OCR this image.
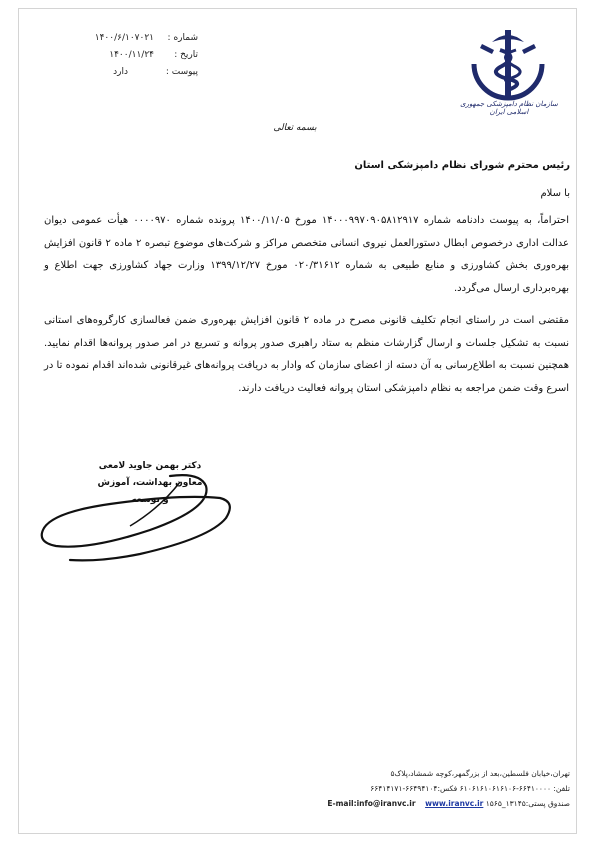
شماره :۱۴۰۰/۶/۱۰۷۰۲۱
تاریخ :۱۴۰۰/۱۱/۲۴
پیوست :دارد
سازمان نظام دامپزشکی جمهوری اسلامی ایران
بسمه تعالی
رئیس محترم شورای نظام دامپزشکی استان
با سلام
احتراماً، به پیوست دادنامه شماره ۱۴۰۰۰۹۹۷۰۹۰۵۸۱۲۹۱۷ مورخ ۱۴۰۰/۱۱/۰۵ پرونده شماره ۰۰۰۰۹۷۰ هیأت عمومی دیوان عدالت اداری درخصوص ابطال دستورالعمل نیروی انسانی متخصص مراکز و شرکت‌های موضوع تبصره ۲ ماده ۲ قانون افزایش بهره‌وری بخش کشاورزی و منابع طبیعی به شماره ۰۲۰/۳۱۶۱۲ مورخ ۱۳۹۹/۱۲/۲۷ وزارت جهاد کشاورزی جهت اطلاع و بهره‌برداری ارسال می‌گردد.
مقتضی است در راستای انجام تکلیف قانونی مصرح در ماده ۲ قانون افزایش بهره‌وری ضمن فعالسازی کارگروه‌های استانی نسبت به تشکیل جلسات و ارسال گزارشات منظم به ستاد راهبری صدور پروانه و تسریع در امر صدور پروانه‌ها اقدام نمایید. همچنین نسبت به اطلاع‌رسانی به آن دسته از اعضای سازمان که وادار به دریافت پروانه‌های غیرقانونی شده‌اند اقدام نموده تا در اسرع وقت ضمن مراجعه به نظام دامپزشکی استان پروانه فعالیت دریافت دارند.
دکتر بهمن جاوید لامعی
معاون بهداشت، آموزش و توسعه
تهران،خیابان فلسطین،بعد از بزرگمهر،کوچه شمشاد،پلاک۵
تلفن: ۶۶۴۱۰۰۰۰-۶۱۰۶۱۶۱۰۶۱۶۱۰۶ فکس:۶۶۴۹۴۱۰۴-۶۶۴۱۴۱۷۱
صندوق پستی:۱۳۱۴۵_۱۵۶۵ E-mail:info@iranvc.ir www.iranvc.ir
